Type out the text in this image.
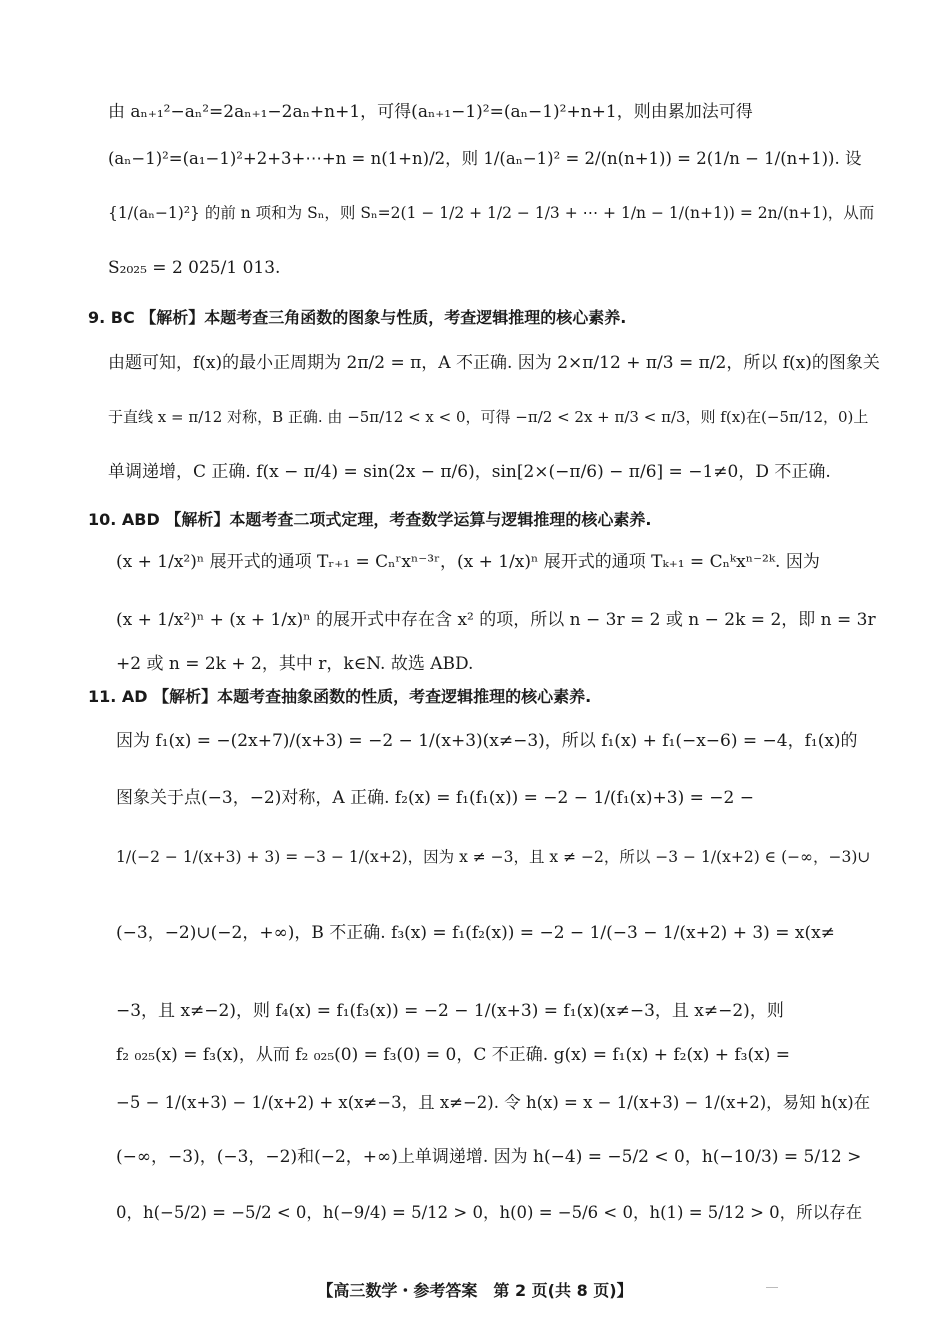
由 aₙ₊₁²−aₙ²=2aₙ₊₁−2aₙ+n+1，可得(aₙ₊₁−1)²=(aₙ−1)²+n+1，则由累加法可得
(aₙ−1)²=(a₁−1)²+2+3+⋯+n = n(1+n)/2，则 1/(aₙ−1)² = 2/(n(n+1)) = 2(1/n − 1/(n+1)). 设
{1/(aₙ−1)²} 的前 n 项和为 Sₙ，则 Sₙ=2(1 − 1/2 + 1/2 − 1/3 + ⋯ + 1/n − 1/(n+1)) = 2n/(n+1)，从而
S₂₀₂₅ = 2 025/1 013.
9. BC 【解析】本题考查三角函数的图象与性质，考查逻辑推理的核心素养.
由题可知，f(x)的最小正周期为 2π/2 = π，A 不正确. 因为 2×π/12 + π/3 = π/2，所以 f(x)的图象关
于直线 x = π/12 对称，B 正确. 由 −5π/12 < x < 0，可得 −π/2 < 2x + π/3 < π/3，则 f(x)在(−5π/12，0)上
单调递增，C 正确. f(x − π/4) = sin(2x − π/6)，sin[2×(−π/6) − π/6] = −1≠0，D 不正确.
10. ABD 【解析】本题考查二项式定理，考查数学运算与逻辑推理的核心素养.
(x + 1/x²)ⁿ 展开式的通项 Tᵣ₊₁ = Cₙʳxⁿ⁻³ʳ，(x + 1/x)ⁿ 展开式的通项 Tₖ₊₁ = Cₙᵏxⁿ⁻²ᵏ. 因为
(x + 1/x²)ⁿ + (x + 1/x)ⁿ 的展开式中存在含 x² 的项，所以 n − 3r = 2 或 n − 2k = 2，即 n = 3r
+2 或 n = 2k + 2，其中 r，k∈N. 故选 ABD.
11. AD 【解析】本题考查抽象函数的性质，考查逻辑推理的核心素养.
因为 f₁(x) = −(2x+7)/(x+3) = −2 − 1/(x+3)(x≠−3)，所以 f₁(x) + f₁(−x−6) = −4，f₁(x)的
图象关于点(−3，−2)对称，A 正确. f₂(x) = f₁(f₁(x)) = −2 − 1/(f₁(x)+3) = −2 −
1/(−2 − 1/(x+3) + 3) = −3 − 1/(x+2)，因为 x ≠ −3，且 x ≠ −2，所以 −3 − 1/(x+2) ∈ (−∞，−3)∪
(−3，−2)∪(−2，+∞)，B 不正确. f₃(x) = f₁(f₂(x)) = −2 − 1/(−3 − 1/(x+2) + 3) = x(x≠
−3，且 x≠−2)，则 f₄(x) = f₁(f₃(x)) = −2 − 1/(x+3) = f₁(x)(x≠−3，且 x≠−2)，则
f₂ ₀₂₅(x) = f₃(x)，从而 f₂ ₀₂₅(0) = f₃(0) = 0，C 不正确. g(x) = f₁(x) + f₂(x) + f₃(x) =
−5 − 1/(x+3) − 1/(x+2) + x(x≠−3，且 x≠−2). 令 h(x) = x − 1/(x+3) − 1/(x+2)，易知 h(x)在
(−∞，−3)，(−3，−2)和(−2，+∞)上单调递增. 因为 h(−4) = −5/2 < 0，h(−10/3) = 5/12 >
0，h(−5/2) = −5/2 < 0，h(−9/4) = 5/12 > 0，h(0) = −5/6 < 0，h(1) = 5/12 > 0，所以存在
【高三数学・参考答案　第 2 页(共 8 页)】
